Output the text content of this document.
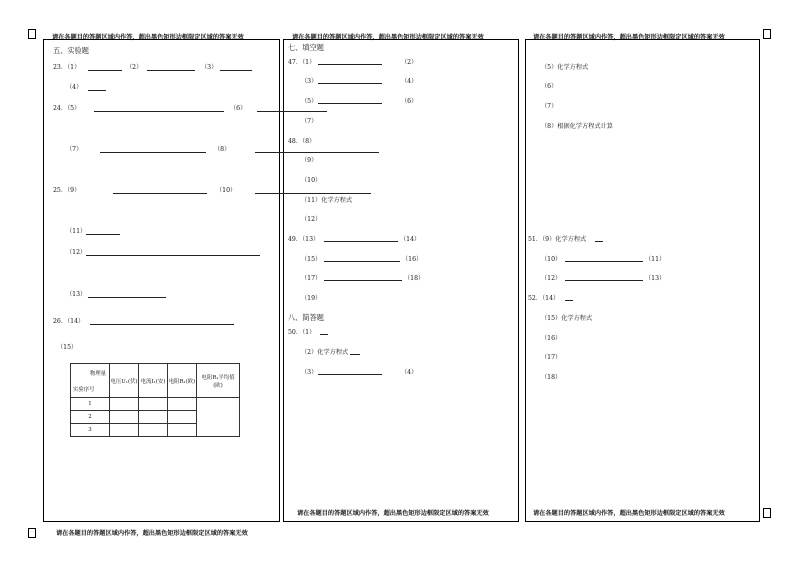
请在各题目的答题区域内作答，超出黑色矩形边框限定区域的答案无效	请在各题目的答题区域内作答，超出黑色矩形边框限定区域的答案无效	请在各题目的答题区域内作答，超出黑色矩形边框限定区域的答案无效
请在各题目的答题区域内作答，超出黑色矩形边框限定区域的答案无效	请在各题目的答题区域内作答，超出黑色矩形边框限定区域的答案无效
请在各题目的答题区域内作答，超出黑色矩形边框限定区域的答案无效
五、实验题
23．（1）	（2）	（3）
（4）
24．（5）	（6）
（7）	（8）
25．（9）	（10）
（11）
（12）
（13）
26．（14）
（15）
物理量
实验序号	电压U₁(伏)	电流I₁(安)	电阻R₁(欧)	电阻R₁平均值(欧)
1				
2				
3				
七、填空题
47．（1）	（2）
（3）	（4）
（5）	（6）
（7）
48．（8）
（9）
（10）
（11）化学方程式
（12）
49．（13）	（14）
（15）	（16）
（17）	（18）
（19）
八、简答题
50．（1）
（2）化学方程式
（3）	（4）
（5）化学方程式
（6）
（7）
（8）根据化学方程式计算
51．（9）化学方程式
（10）	（11）
（12）	（13）
52．（14）
（15）化学方程式
（16）
（17）
（18）
